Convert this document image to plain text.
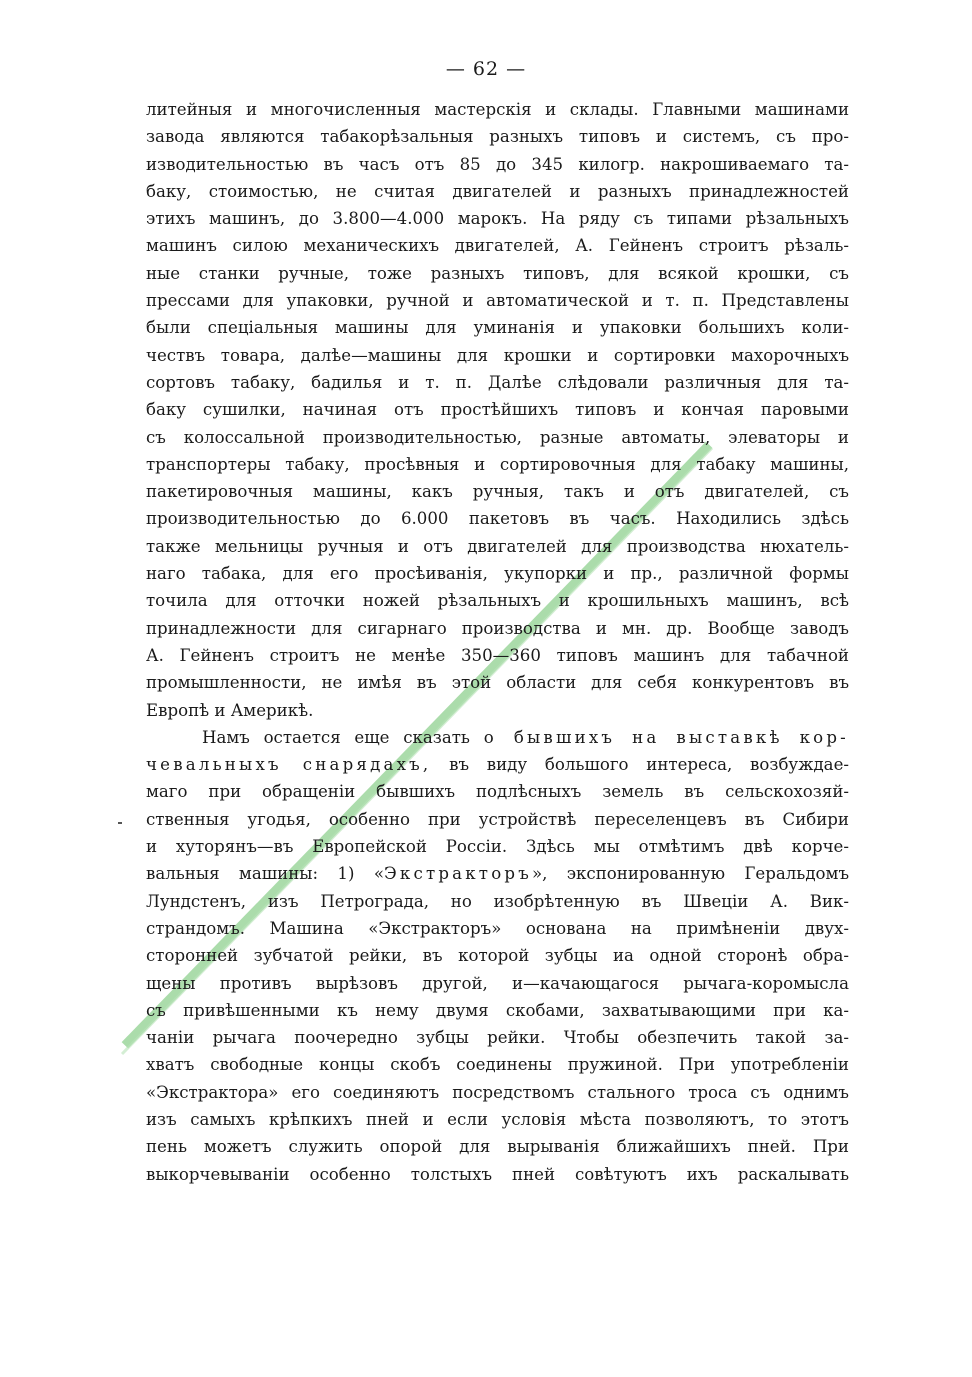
— 62 —
литейныя и многочисленныя мастерскія и склады. Главными машинами
завода являются табакорѣзальныя разныхъ типовъ и системъ, съ про-
изводительностью въ часъ отъ 85 до 345 килогр. накрошиваемаго та-
баку, стоимостью, не считая двигателей и разныхъ принадлежностей
этихъ машинъ, до 3.800—4.000 марокъ. На ряду съ типами рѣзальныхъ
машинъ силою механическихъ двигателей, А. Гейненъ строитъ рѣзаль-
ные станки ручные, тоже разныхъ типовъ, для всякой крошки, съ
прессами для упаковки, ручной и автоматической и т. п. Представлены
были спеціальныя машины для уминанія и упаковки большихъ коли-
чествъ товара, далѣе—машины для крошки и сортировки махорочныхъ
сортовъ табаку, бадилья и т. п. Далѣе слѣдовали различныя для та-
баку сушилки, начиная отъ простѣйшихъ типовъ и кончая паровыми
съ колоссальной производительностью, разные автоматы, элеваторы и
транспортеры табаку, просѣвныя и сортировочныя для табаку машины,
пакетировочныя машины, какъ ручныя, такъ и отъ двигателей, съ
производительностью до 6.000 пакетовъ въ часъ. Находились здѣсь
также мельницы ручныя и отъ двигателей для производства нюхатель-
наго табака, для его просѣиванія, укупорки и пр., различной формы
точила для отточки ножей рѣзальныхъ и крошильныхъ машинъ, всѣ
принадлежности для сигарнаго производства и мн. др. Вообще заводъ
А. Гейненъ строитъ не менѣе 350—360 типовъ машинъ для табачной
промышленности, не имѣя въ этой области для себя конкурентовъ въ
Европѣ и Америкѣ.
Намъ остается еще сказать о бывшихъ на выставкѣ кор-
чевальныхъ снарядахъ, въ виду большого интереса, возбуждае-
маго при обращеніи бывшихъ подлѣсныхъ земель въ сельскохозяй-
ственныя угодья, особенно при устройствѣ переселенцевъ въ Сибири
и хуторянъ—въ Европейской Россіи. Здѣсь мы отмѣтимъ двѣ корче-
вальныя машины: 1) «Экстракторъ», экспонированную Геральдомъ
Лундстенъ, изъ Петрограда, но изобрѣтенную въ Швеціи А. Вик-
страндомъ. Машина «Экстракторъ» основана на примѣненіи двух-
сторонней зубчатой рейки, въ которой зубцы иа одной сторонѣ обра-
щены противъ вырѣзовъ другой, и—качающагося рычага-коромысла
съ привѣшенными къ нему двумя скобами, захватывающими при ка-
чаніи рычага поочередно зубцы рейки. Чтобы обезпечить такой за-
хватъ свободные концы скобъ соединены пружиной. При употребленіи
«Экстрактора» его соединяютъ посредствомъ стального троса съ однимъ
изъ самыхъ крѣпкихъ пней и если условія мѣста позволяютъ, то этотъ
пень можетъ служить опорой для вырыванія ближайшихъ пней. При
выкорчевываніи особенно толстыхъ пней совѣтуютъ ихъ раскалывать
